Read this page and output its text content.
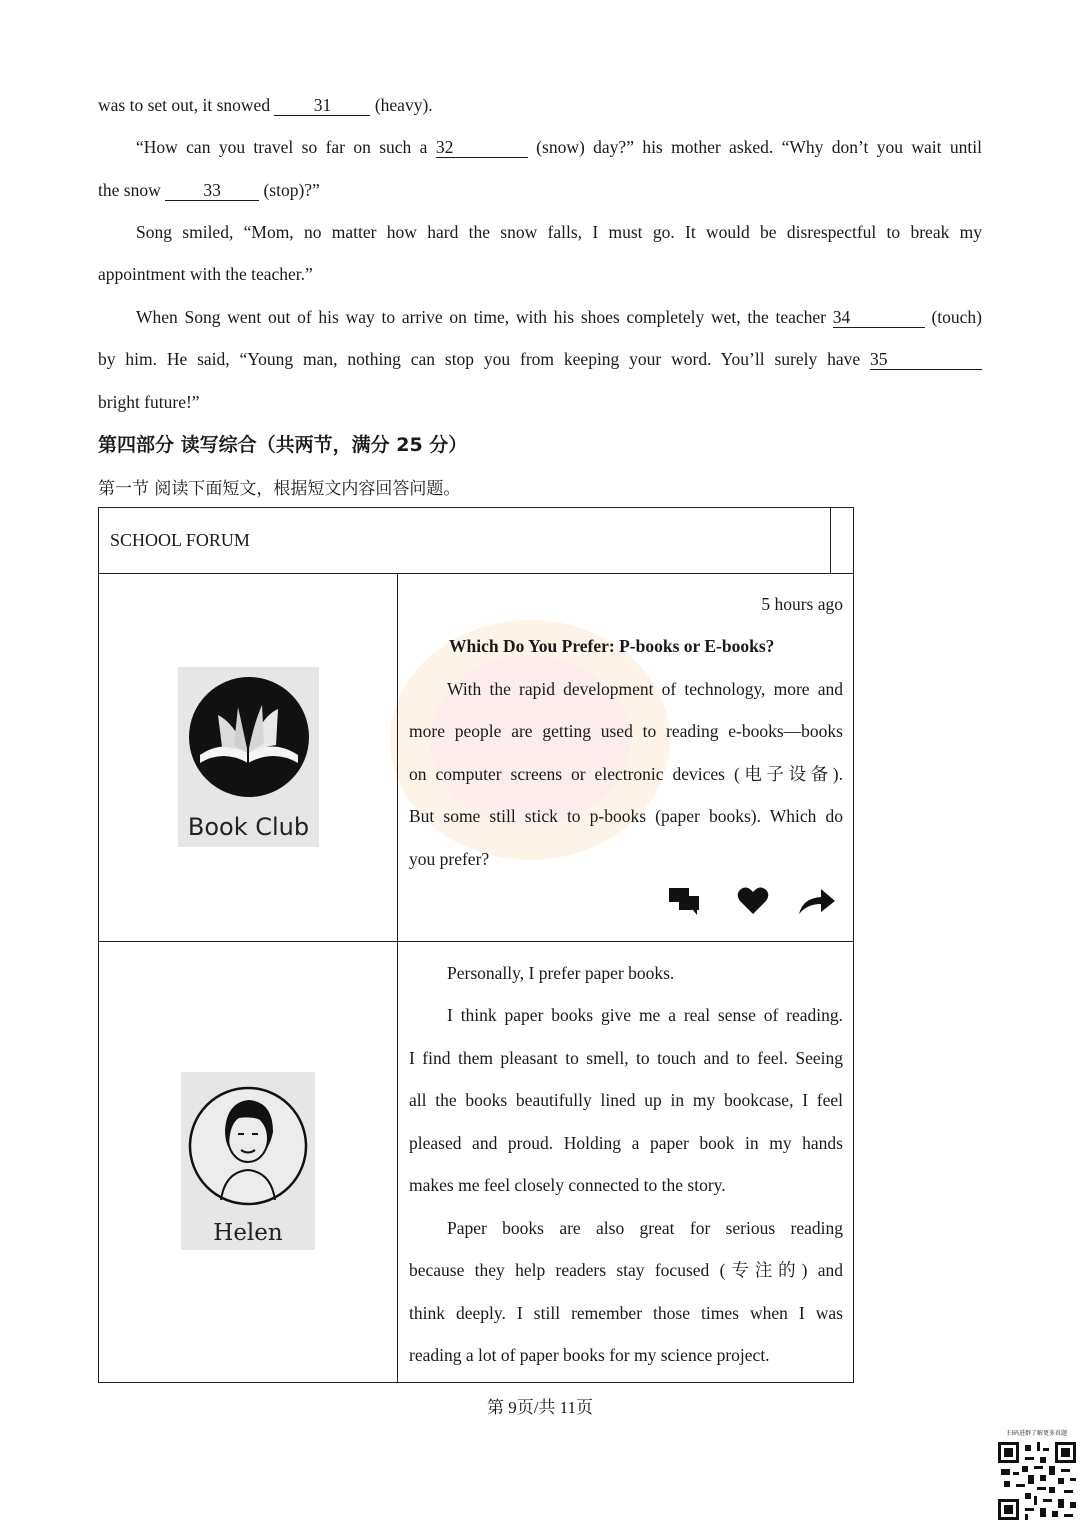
was to set out, it snowed 31 (heavy).
“How can you travel so far on such a 32	(snow) day?” his mother asked. “Why don’t you wait until
the snow 33 (stop)?”
Song smiled, “Mom, no matter how hard the snow falls, I must go. It would be disrespectful to break my
appointment with the teacher.”
When Song went out of his way to arrive on time, with his shoes completely wet, the teacher 34	(touch)
by him. He said, “Young man, nothing can stop you from keeping your word. You’ll surely have 35
bright future!”
第四部分 读写综合（共两节，满分 25 分）
第一节 阅读下面短文，根据短文内容回答问题。
SCHOOL FORUM
Book Club
5 hours ago
Which Do You Prefer: P-books or E-books?
With the rapid development of technology, more and
more people are getting used to reading e-books—books
on computer screens or electronic devices (电子设备).
But some still stick to p-books (paper books). Which do
you prefer?
Helen
Personally, I prefer paper books.
I think paper books give me a real sense of reading.
I find them pleasant to smell, to touch and to feel. Seeing
all the books beautifully lined up in my bookcase, I feel
pleased and proud. Holding a paper book in my hands
makes me feel closely connected to the story.
Paper books are also great for serious reading
because they help readers stay focused (专注的) and
think deeply. I still remember those times when I was
reading a lot of paper books for my science project.
第 9页/共 11页
扫码进群了解更多真题
